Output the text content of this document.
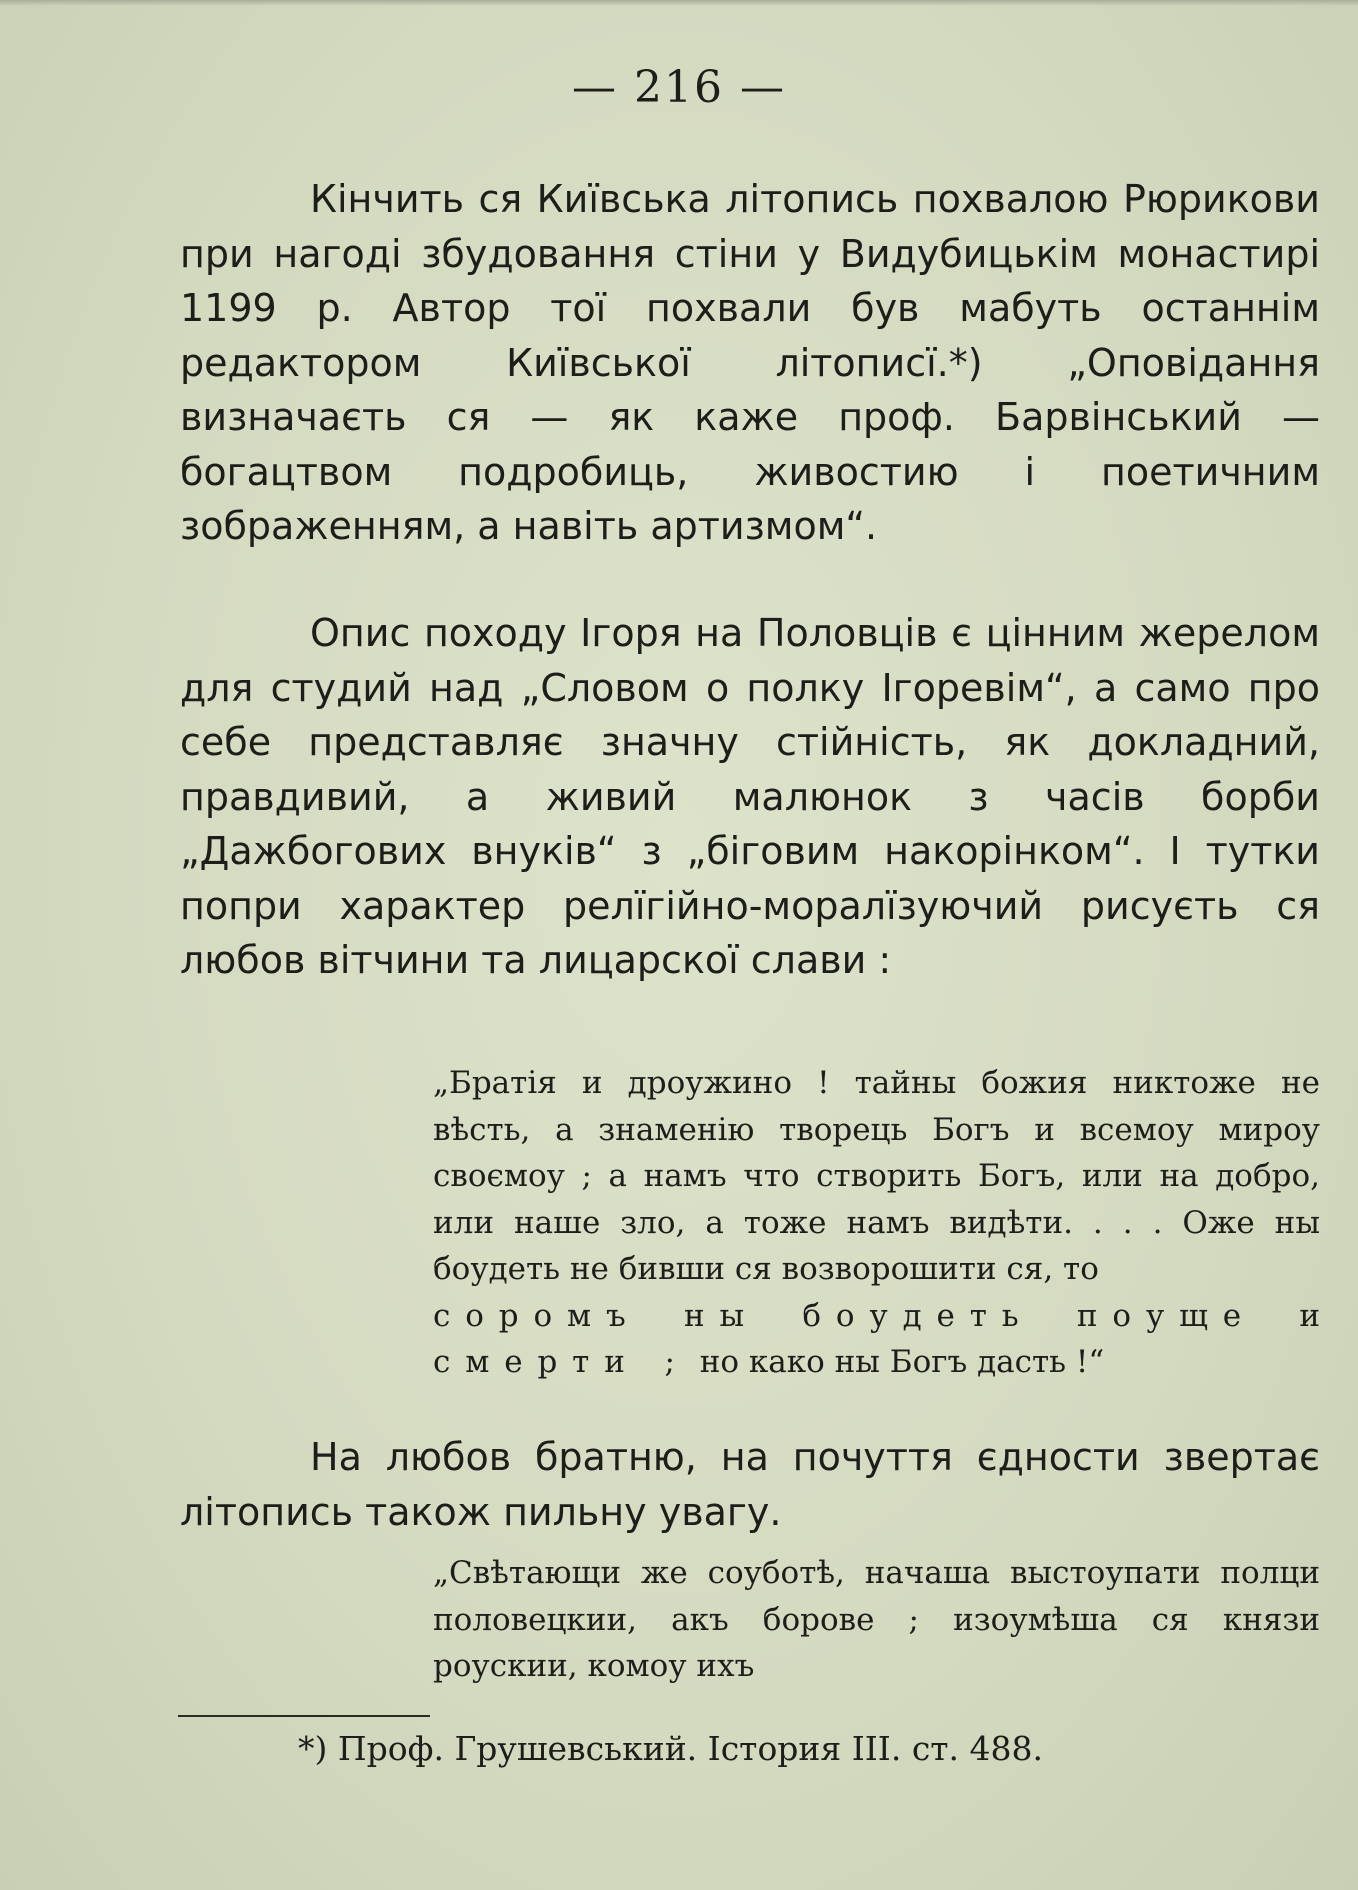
— 216 —

Кінчить ся Київська літопись похвалою Рюрикови при нагоді збудовання стіни у Видубицькім монастирі 1199 р. Автор тої похвали був мабуть останнім редактором Київської літописї.*) „Оповідання визначаєть ся — як каже проф. Барвінський — богацтвом подробиць, живостию і поетичним зображенням, а навіть артизмом“.

Опис походу Ігоря на Половців є цінним жерелом для студий над „Словом о полку Ігоревім“, а само про себе представляє значну стійність, як докладний, правдивий, а живий малюнок з часів борби „Дажбогових внуків“ з „біговим накорінком“. І тутки попри характер релїгійно-моралїзуючий рисуєть ся любов вітчини та лицарскої слави :

„Братія и дроужино ! тайны божия никтоже не вѣсть, а знаменію творець Богъ и всемоу мироу своємоу ; а намъ что створить Богъ, или на добро, или наше зло, а тоже намъ видѣти. . . . Оже ны боудеть не бивши ся возворошити ся, то
соромъ ны боудеть поуще и
смерти ; но како ны Богъ дасть !“

На любов братню, на почуття єдности звертає літопись також пильну увагу.

„Свѣтающи же соуботѣ, начаша выстоупати полци половецкии, акъ борове ; изоумѣша ся князи роускии, комоу ихъ

*) Проф. Грушевський. Істория III. ст. 488.
